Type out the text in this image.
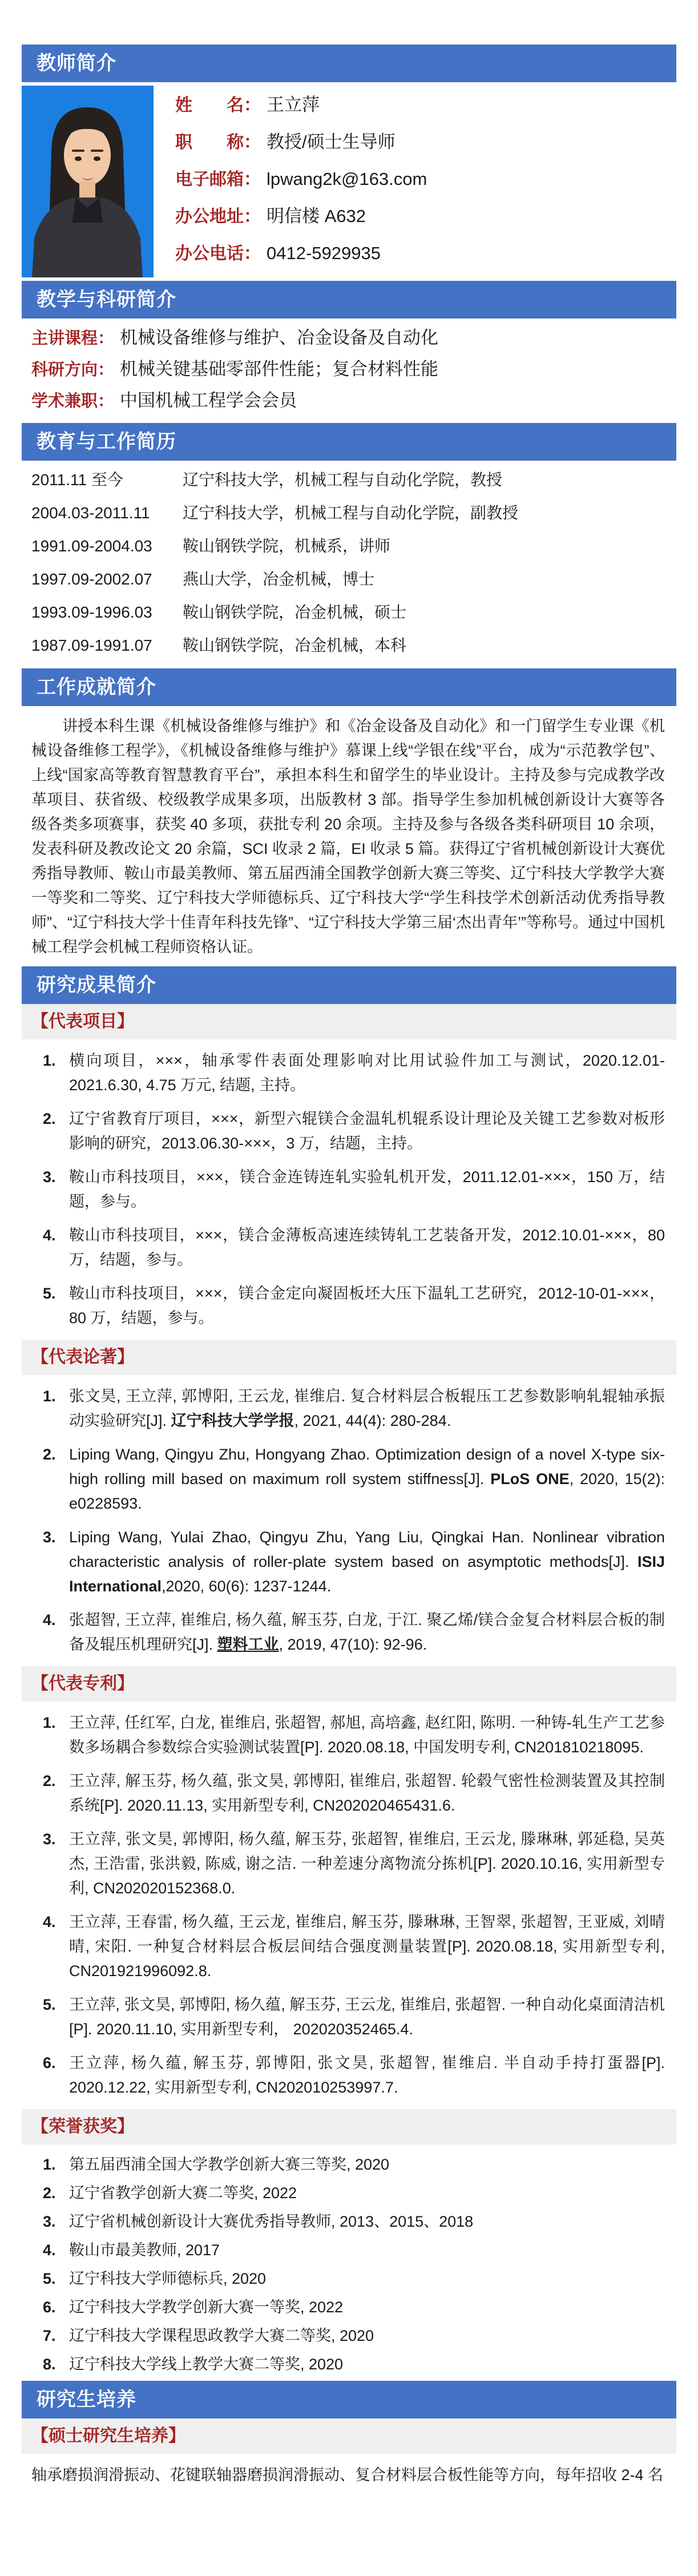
教师简介
姓　　名： 王立萍
职　　称： 教授/硕士生导师
电子邮箱： lpwang2k@163.com
办公地址： 明信楼 A632
办公电话： 0412-5929935
教学与科研简介
主讲课程： 机械设备维修与维护、冶金设备及自动化
科研方向： 机械关键基础零部件性能；复合材料性能
学术兼职： 中国机械工程学会会员
教育与工作简历
2011.11 至今	辽宁科技大学，机械工程与自动化学院，教授
2004.03-2011.11	辽宁科技大学，机械工程与自动化学院，副教授
1991.09-2004.03	鞍山钢铁学院，机械系，讲师
1997.09-2002.07	燕山大学，冶金机械，博士
1993.09-1996.03	鞍山钢铁学院，冶金机械，硕士
1987.09-1991.07	鞍山钢铁学院，冶金机械，本科
工作成就简介

讲授本科生课《机械设备维修与维护》和《冶金设备及自动化》和一门留学生专业课《机械设备维修工程学》，《机械设备维修与维护》慕课上线“学银在线”平台，成为“示范教学包”、上线“国家高等教育智慧教育平台”，承担本科生和留学生的毕业设计。主持及参与完成教学改革项目、获省级、校级教学成果多项，出版教材 3 部。指导学生参加机械创新设计大赛等各级各类多项赛事，获奖 40 多项，获批专利 20 余项。主持及参与各级各类科研项目 10 余项，发表科研及教改论文 20 余篇，SCI 收录 2 篇，EI 收录 5 篇。获得辽宁省机械创新设计大赛优秀指导教师、鞍山市最美教师、第五届西浦全国教学创新大赛三等奖、辽宁科技大学教学大赛一等奖和二等奖、辽宁科技大学师德标兵、辽宁科技大学“学生科技学术创新活动优秀指导教师”、“辽宁科技大学十佳青年科技先锋”、“辽宁科技大学第三届‘杰出青年’”等称号。通过中国机械工程学会机械工程师资格认证。

研究成果简介
【代表项目】
1. 横向项目，×××，轴承零件表面处理影响对比用试验件加工与测试，2020.12.01-2021.6.30, 4.75 万元, 结题, 主持。
2. 辽宁省教育厅项目，×××，新型六辊镁合金温轧机辊系设计理论及关键工艺参数对板形影响的研究，2013.06.30-×××，3 万，结题，主持。
3. 鞍山市科技项目，×××，镁合金连铸连轧实验轧机开发，2011.12.01-×××，150 万，结题，参与。
4. 鞍山市科技项目，×××，镁合金薄板高速连续铸轧工艺装备开发，2012.10.01-×××，80 万，结题，参与。
5. 鞍山市科技项目，×××，镁合金定向凝固板坯大压下温轧工艺研究，2012-10-01-×××，80 万，结题，参与。
【代表论著】
1. 张文昊, 王立萍, 郭博阳, 王云龙, 崔维启. 复合材料层合板辊压工艺参数影响轧辊轴承振动实验研究[J]. 辽宁科技大学学报, 2021, 44(4): 280-284.
2. Liping Wang, Qingyu Zhu, Hongyang Zhao. Optimization design of a novel X-type six-high rolling mill based on maximum roll system stiffness[J]. PLoS ONE, 2020, 15(2): e0228593.
3. Liping Wang, Yulai Zhao, Qingyu Zhu, Yang Liu, Qingkai Han. Nonlinear vibration characteristic analysis of roller-plate system based on asymptotic methods[J]. ISIJ International,2020, 60(6): 1237-1244.
4. 张超智, 王立萍, 崔维启, 杨久蕴, 解玉芬, 白龙, 于江. 聚乙烯/镁合金复合材料层合板的制备及辊压机理研究[J]. 塑料工业, 2019, 47(10): 92-96.
【代表专利】
1. 王立萍, 任红军, 白龙, 崔维启, 张超智, 郝旭, 高培鑫, 赵红阳, 陈明. 一种铸-轧生产工艺参数多场耦合参数综合实验测试装置[P]. 2020.08.18, 中国发明专利, CN201810218095.
2. 王立萍, 解玉芬, 杨久蕴, 张文昊, 郭博阳, 崔维启, 张超智. 轮毂气密性检测装置及其控制系统[P]. 2020.11.13, 实用新型专利, CN202020465431.6.
3. 王立萍, 张文昊, 郭博阳, 杨久蕴, 解玉芬, 张超智, 崔维启, 王云龙, 滕琳琳, 郭延稳, 吴英杰, 王浩雷, 张洪毅, 陈威, 谢之洁. 一种差速分离物流分拣机[P]. 2020.10.16, 实用新型专利, CN202020152368.0.
4. 王立萍, 王春雷, 杨久蕴, 王云龙, 崔维启, 解玉芬, 滕琳琳, 王智翠, 张超智, 王亚威, 刘晴晴, 宋阳. 一种复合材料层合板层间结合强度测量装置[P]. 2020.08.18, 实用新型专利, CN201921996092.8.
5. 王立萍, 张文昊, 郭博阳, 杨久蕴, 解玉芬, 王云龙, 崔维启, 张超智. 一种自动化桌面清洁机[P]. 2020.11.10, 实用新型专利， 202020352465.4.
6. 王立萍, 杨久蕴, 解玉芬, 郭博阳, 张文昊, 张超智, 崔维启. 半自动手持打蛋器[P]. 2020.12.22, 实用新型专利, CN202010253997.7.
【荣誉获奖】
1. 第五届西浦全国大学教学创新大赛三等奖, 2020
2. 辽宁省教学创新大赛二等奖, 2022
3. 辽宁省机械创新设计大赛优秀指导教师, 2013、2015、2018
4. 鞍山市最美教师, 2017
5. 辽宁科技大学师德标兵, 2020
6. 辽宁科技大学教学创新大赛一等奖, 2022
7. 辽宁科技大学课程思政教学大赛二等奖, 2020
8. 辽宁科技大学线上教学大赛二等奖, 2020
研究生培养
【硕士研究生培养】
轴承磨损润滑振动、花键联轴器磨损润滑振动、复合材料层合板性能等方向，每年招收 2-4 名
